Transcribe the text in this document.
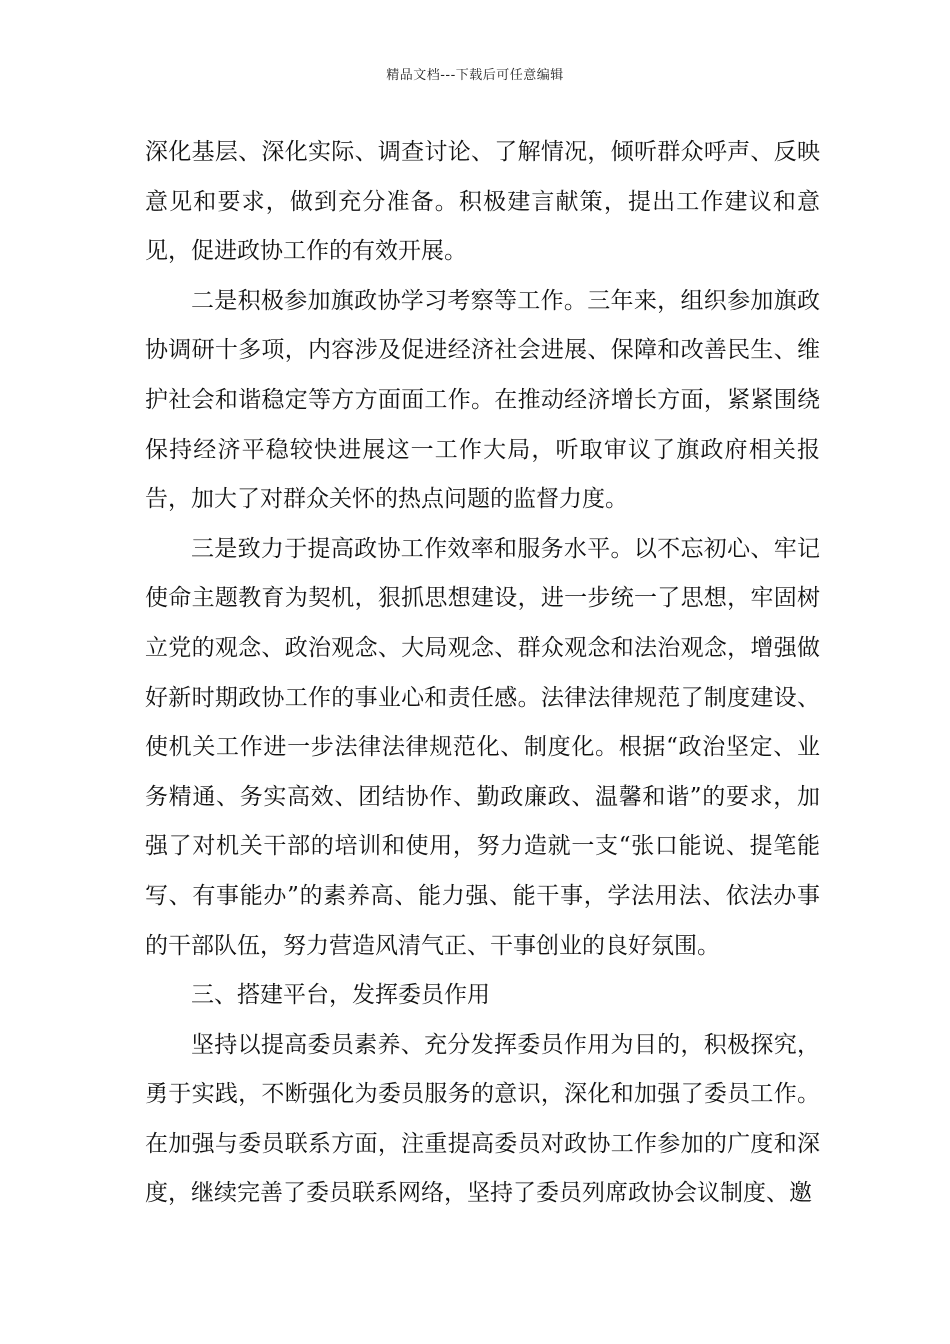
精品文档---下载后可任意编辑

深化基层、深化实际、调查讨论、了解情况，倾听群众呼声、反映意见和要求，做到充分准备。积极建言献策，提出工作建议和意见，促进政协工作的有效开展。

二是积极参加旗政协学习考察等工作。三年来，组织参加旗政协调研十多项，内容涉及促进经济社会进展、保障和改善民生、维护社会和谐稳定等方方面面工作。在推动经济增长方面，紧紧围绕保持经济平稳较快进展这一工作大局，听取审议了旗政府相关报告，加大了对群众关怀的热点问题的监督力度。

三是致力于提高政协工作效率和服务水平。以不忘初心、牢记使命主题教育为契机，狠抓思想建设，进一步统一了思想，牢固树立党的观念、政治观念、大局观念、群众观念和法治观念，增强做好新时期政协工作的事业心和责任感。法律法律规范了制度建设、使机关工作进一步法律法律规范化、制度化。根据“政治坚定、业务精通、务实高效、团结协作、勤政廉政、温馨和谐”的要求，加强了对机关干部的培训和使用，努力造就一支“张口能说、提笔能写、有事能办”的素养高、能力强、能干事，学法用法、依法办事的干部队伍，努力营造风清气正、干事创业的良好氛围。

三、搭建平台，发挥委员作用

坚持以提高委员素养、充分发挥委员作用为目的，积极探究，勇于实践，不断强化为委员服务的意识，深化和加强了委员工作。在加强与委员联系方面，注重提高委员对政协工作参加的广度和深度，继续完善了委员联系网络，坚持了委员列席政协会议制度、邀
